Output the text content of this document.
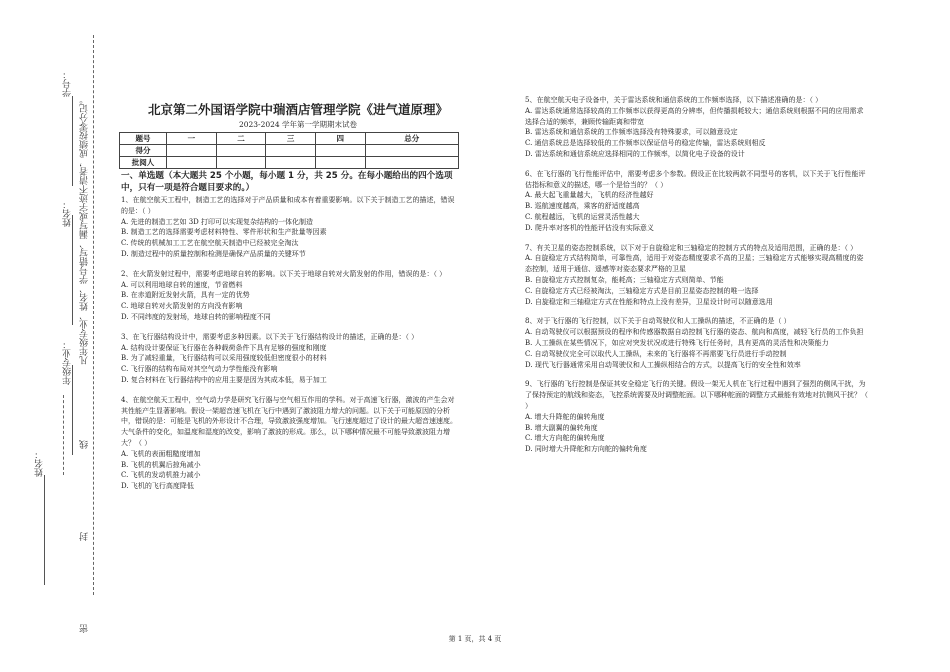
学号：
姓名：
年级专业：
姓名：
凡年级专业、姓名、学号错写、漏写或字迹不清者，成绩按零分记。
密 封 线
北京第二外国语学院中瑞酒店管理学院《进气道原理》
2023-2024 学年第一学期期末试卷
题号	一	二	三	四	总分
得分					
批阅人					
一、单选题（本大题共 25 个小题，每小题 1 分，共 25 分。在每小题给出的四个选项中，只有一项是符合题目要求的。）

1、在航空航天工程中，制造工艺的选择对于产品质量和成本有着重要影响。以下关于制造工艺的描述，错误的是：（ ）

A. 先进的制造工艺如 3D 打印可以实现复杂结构的一体化制造

B. 制造工艺的选择需要考虑材料特性、零件形状和生产批量等因素

C. 传统的机械加工工艺在航空航天制造中已经被完全淘汰

D. 制造过程中的质量控制和检测是确保产品质量的关键环节

2、在火箭发射过程中，需要考虑地球自转的影响。以下关于地球自转对火箭发射的作用，错误的是：（ ）

A. 可以利用地球自转的速度，节省燃料

B. 在赤道附近发射火箭，具有一定的优势

C. 地球自转对火箭发射的方向没有影响

D. 不同纬度的发射场，地球自转的影响程度不同

3、在飞行器结构设计中，需要考虑多种因素。以下关于飞行器结构设计的描述，正确的是：（ ）

A. 结构设计要保证飞行器在各种载荷条件下具有足够的强度和刚度

B. 为了减轻重量，飞行器结构可以采用强度较低但密度很小的材料

C. 飞行器的结构布局对其空气动力学性能没有影响

D. 复合材料在飞行器结构中的应用主要是因为其成本低，易于加工

4、在航空航天工程中，空气动力学是研究飞行器与空气相互作用的学科。对于高速飞行器，激波的产生会对其性能产生显著影响。假设一架超音速飞机在飞行中遇到了激波阻力增大的问题。以下关于可能原因的分析中，错误的是：可能是飞机的外形设计不合理，导致激波强度增加。飞行速度超过了设计的最大超音速速度。大气条件的变化，如温度和湿度的改变，影响了激波的形成。那么，以下哪种情况最不可能导致激波阻力增大？（ ）

A. 飞机的表面粗糙度增加

B. 飞机的机翼后掠角减小

C. 飞机的发动机推力减小

D. 飞机的飞行高度降低

5、在航空航天电子设备中，关于雷达系统和通信系统的工作频率选择，以下描述准确的是：（ ）

A. 雷达系统通常选择较高的工作频率以获得更高的分辨率，但传播损耗较大；通信系统则根据不同的应用需求选择合适的频率，兼顾传输距离和带宽

B. 雷达系统和通信系统的工作频率选择没有特殊要求，可以随意设定

C. 通信系统总是选择较低的工作频率以保证信号的稳定传输，雷达系统则相反

D. 雷达系统和通信系统应选择相同的工作频率，以简化电子设备的设计

6、在飞行器的飞行性能评估中，需要考虑多个参数。假设正在比较两款不同型号的客机，以下关于飞行性能评估指标和意义的描述，哪一个是恰当的？（ ）

A. 最大起飞重量越大，飞机的经济性越好

B. 巡航速度越高，乘客的舒适度越高

C. 航程越远，飞机的运营灵活性越大

D. 爬升率对客机的性能评估没有实际意义

7、有关卫星的姿态控制系统，以下对于自旋稳定和三轴稳定的控制方式的特点及适用范围，正确的是：（ ）

A. 自旋稳定方式结构简单，可靠性高，适用于对姿态精度要求不高的卫星；三轴稳定方式能够实现高精度的姿态控制，适用于通信、遥感等对姿态要求严格的卫星

B. 自旋稳定方式控制复杂，能耗高；三轴稳定方式则简单、节能

C. 自旋稳定方式已经被淘汰，三轴稳定方式是目前卫星姿态控制的唯一选择

D. 自旋稳定和三轴稳定方式在性能和特点上没有差异，卫星设计时可以随意选用

8、对于飞行器的飞行控制，以下关于自动驾驶仪和人工操纵的描述，不正确的是（ ）

A. 自动驾驶仪可以根据预设的程序和传感器数据自动控制飞行器的姿态、航向和高度，减轻飞行员的工作负担

B. 人工操纵在某些情况下，如应对突发状况或进行特殊飞行任务时，具有更高的灵活性和决策能力

C. 自动驾驶仪完全可以取代人工操纵，未来的飞行器将不再需要飞行员进行手动控制

D. 现代飞行器通常采用自动驾驶仪和人工操纵相结合的方式，以提高飞行的安全性和效率

9、飞行器的飞行控制是保证其安全稳定飞行的关键。假设一架无人机在飞行过程中遇到了强烈的侧风干扰，为了保持预定的航线和姿态，飞控系统需要及时调整舵面。以下哪种舵面的调整方式最能有效地对抗侧风干扰？（ ）

A. 增大升降舵的偏转角度

B. 增大副翼的偏转角度

C. 增大方向舵的偏转角度

D. 同时增大升降舵和方向舵的偏转角度

第 1 页，共 4 页
